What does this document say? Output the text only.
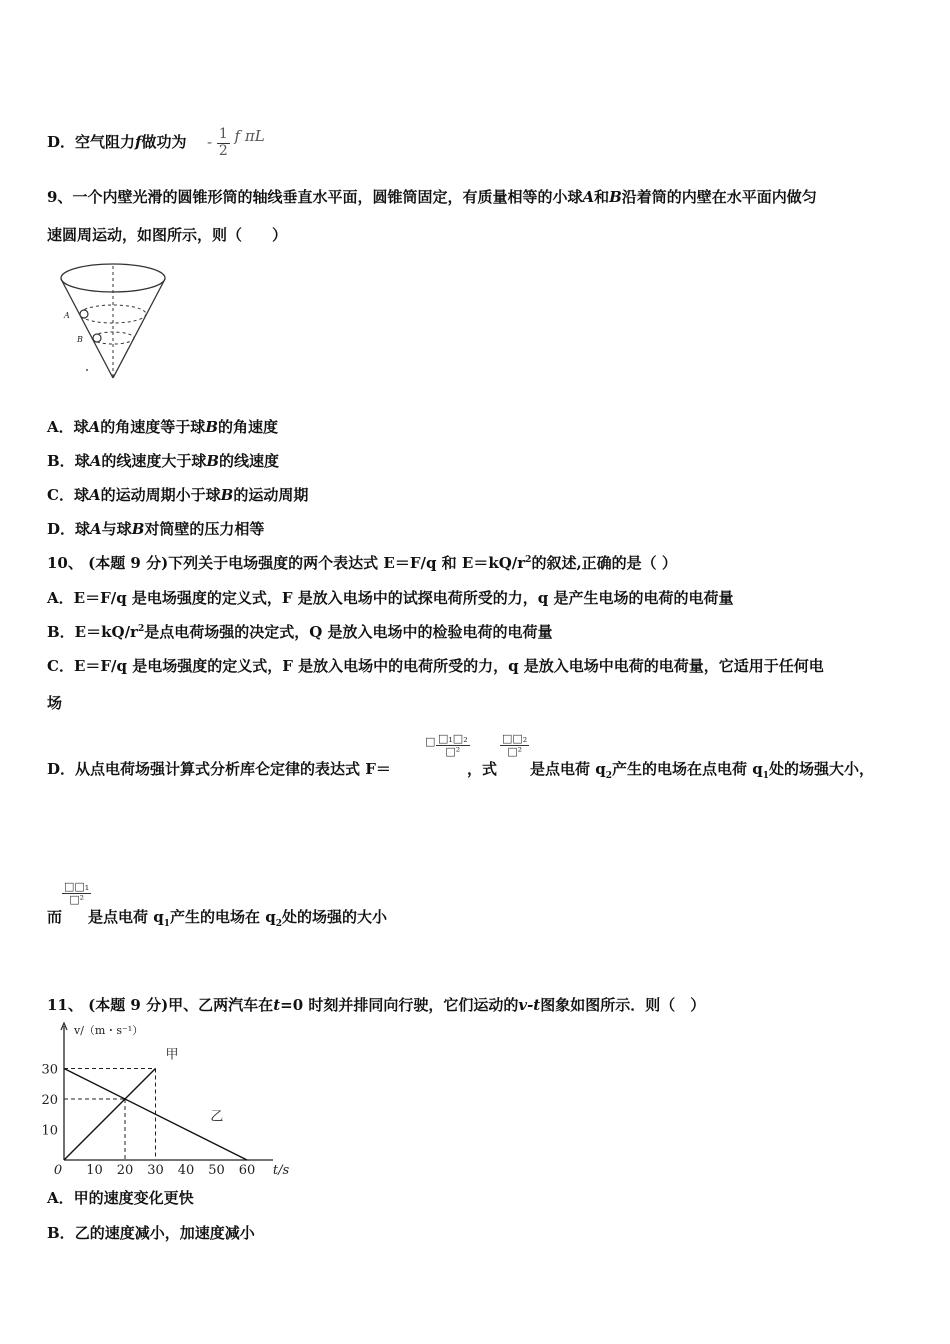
D．空气阻力f做功为 - $\frac{1}{2}$ f πL
9、一个内壁光滑的圆锥形筒的轴线垂直水平面，圆锥筒固定，有质量相等的小球A和B沿着筒的内壁在水平面内做匀
速圆周运动，如图所示，则（　　）
A
B
A．球A的角速度等于球B的角速度
B．球A的线速度大于球B的线速度
C．球A的运动周期小于球B的运动周期
D．球A与球B对筒壁的压力相等
10、 (本题 9 分)下列关于电场强度的两个表达式 E＝F/q 和 $E=kQ/r^2$的叙述,正确的是（ ）
A．E＝F/q 是电场强度的定义式，F 是放入电场中的试探电荷所受的力，q 是产生电场的电荷的电荷量
B．$E=kQ/r^2$是点电荷场强的决定式，Q 是放入电场中的检验电荷的电荷量
C．E＝F/q 是电场强度的定义式，F 是放入电场中的电荷所受的力，q 是放入电场中电荷的电荷量，它适用于任何电
场
D．从点电荷场强计算式分析库仑定律的表达式 F＝
□ □₁□₂
□²
，式
□□₂
□²
是点电荷 $q_2$产生的电场在点电荷 $q_1$处的场强大小，
而
□□₁
□²
是点电荷 $q_1$产生的电场在 $q_2$处的场强的大小
11、 (本题 9 分)甲、乙两汽车在t=0 时刻并排同向行驶，它们运动的v-t图象如图所示．则（　）
0 10 20 30 40 50 60 t/s
10
20
30
v/（m・s⁻¹）
甲
乙
A．甲的速度变化更快
B．乙的速度减小，加速度减小
